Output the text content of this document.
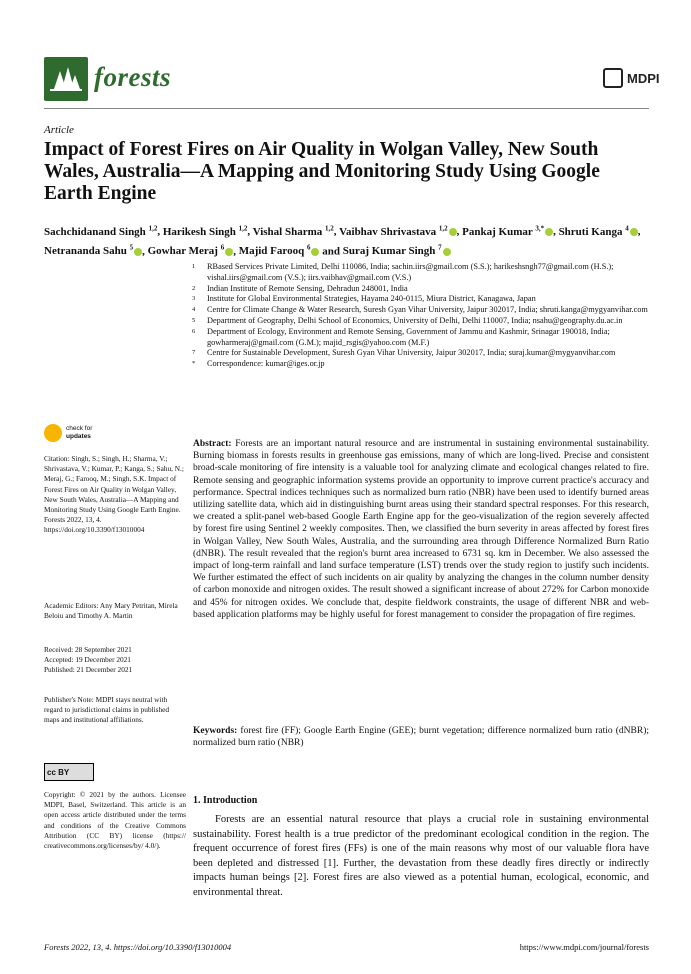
forests	MDPI
Article
Impact of Forest Fires on Air Quality in Wolgan Valley, New South Wales, Australia—A Mapping and Monitoring Study Using Google Earth Engine
Sachchidanand Singh $^{1,2}$, Harikesh Singh $^{1,2}$, Vishal Sharma $^{1,2}$, Vaibhav Shrivastava $^{1,2}$ , Pankaj Kumar $^{3,*}$ , Shruti Kanga $^4$ , Netrananda Sahu $^5$ , Gowhar Meraj $^6$ , Majid Farooq $^6$ and Suraj Kumar Singh $^7$
1	RBased Services Private Limited, Delhi 110086, India; sachin.iirs@gmail.com (S.S.); harikeshsngh77@gmail.com (H.S.); vishal.iirs@gmail.com (V.S.); iirs.vaibhav@gmail.com (V.S.)
2	Indian Institute of Remote Sensing, Dehradun 248001, India
3	Institute for Global Environmental Strategies, Hayama 240-0115, Miura District, Kanagawa, Japan
4	Centre for Climate Change & Water Research, Suresh Gyan Vihar University, Jaipur 302017, India; shruti.kanga@mygyanvihar.com
5	Department of Geography, Delhi School of Economics, University of Delhi, Delhi 110007, India; nsahu@geography.du.ac.in
6	Department of Ecology, Environment and Remote Sensing, Government of Jammu and Kashmir, Srinagar 190018, India; gowharmeraj@gmail.com (G.M.); majid_rsgis@yahoo.com (M.F.)
7	Centre for Sustainable Development, Suresh Gyan Vihar University, Jaipur 302017, India; suraj.kumar@mygyanvihar.com
*	Correspondence: kumar@iges.or.jp
check for
updates
Citation: Singh, S.; Singh, H.; Sharma, V.; Shrivastava, V.; Kumar, P.; Kanga, S.; Sahu, N.; Meraj, G.; Farooq, M.; Singh, S.K. Impact of Forest Fires on Air Quality in Wolgan Valley, New South Wales, Australia—A Mapping and Monitoring Study Using Google Earth Engine. Forests 2022, 13, 4. https://doi.org/10.3390/f13010004
Academic Editors: Any Mary Petritan, Mirela Beloiu and Timothy A. Martin
Received: 28 September 2021
Accepted: 19 December 2021
Published: 21 December 2021
Publisher's Note: MDPI stays neutral with regard to jurisdictional claims in published maps and institutional affiliations.
cc BY
Copyright: © 2021 by the authors. Licensee MDPI, Basel, Switzerland. This article is an open access article distributed under the terms and conditions of the Creative Commons Attribution (CC BY) license (https:// creativecommons.org/licenses/by/ 4.0/).
Abstract: Forests are an important natural resource and are instrumental in sustaining environmental sustainability. Burning biomass in forests results in greenhouse gas emissions, many of which are long-lived. Precise and consistent broad-scale monitoring of fire intensity is a valuable tool for analyzing climate and ecological changes related to fire. Remote sensing and geographic information systems provide an opportunity to improve current practice's accuracy and performance. Spectral indices techniques such as normalized burn ratio (NBR) have been used to identify burned areas utilizing satellite data, which aid in distinguishing burnt areas using their standard spectral responses. For this research, we created a split-panel web-based Google Earth Engine app for the geo-visualization of the region severely affected by forest fire using Sentinel 2 weekly composites. Then, we classified the burn severity in areas affected by forest fires in Wolgan Valley, New South Wales, Australia, and the surrounding area through Difference Normalized Burn Ratio (dNBR). The result revealed that the region's burnt area increased to 6731 sq. km in December. We also assessed the impact of long-term rainfall and land surface temperature (LST) trends over the study region to justify such incidents. We further estimated the effect of such incidents on air quality by analyzing the changes in the column number density of carbon monoxide and nitrogen oxides. The result showed a significant increase of about 272% for Carbon monoxide and 45% for nitrogen oxides. We conclude that, despite fieldwork constraints, the usage of different NBR and web-based application platforms may be highly useful for forest management to consider the propagation of fire regimes.
Keywords: forest fire (FF); Google Earth Engine (GEE); burnt vegetation; difference normalized burn ratio (dNBR); normalized burn ratio (NBR)
1. Introduction
Forests are an essential natural resource that plays a crucial role in sustaining environmental sustainability. Forest health is a true predictor of the predominant ecological condition in the region. The frequent occurrence of forest fires (FFs) is one of the main reasons why most of our valuable flora have been depleted and distressed [1]. Further, the devastation from these deadly fires directly or indirectly impacts human beings [2]. Forest fires are also viewed as a potential human, ecological, economic, and environmental threat.
Forests 2022, 13, 4. https://doi.org/10.3390/f13010004	https://www.mdpi.com/journal/forests
